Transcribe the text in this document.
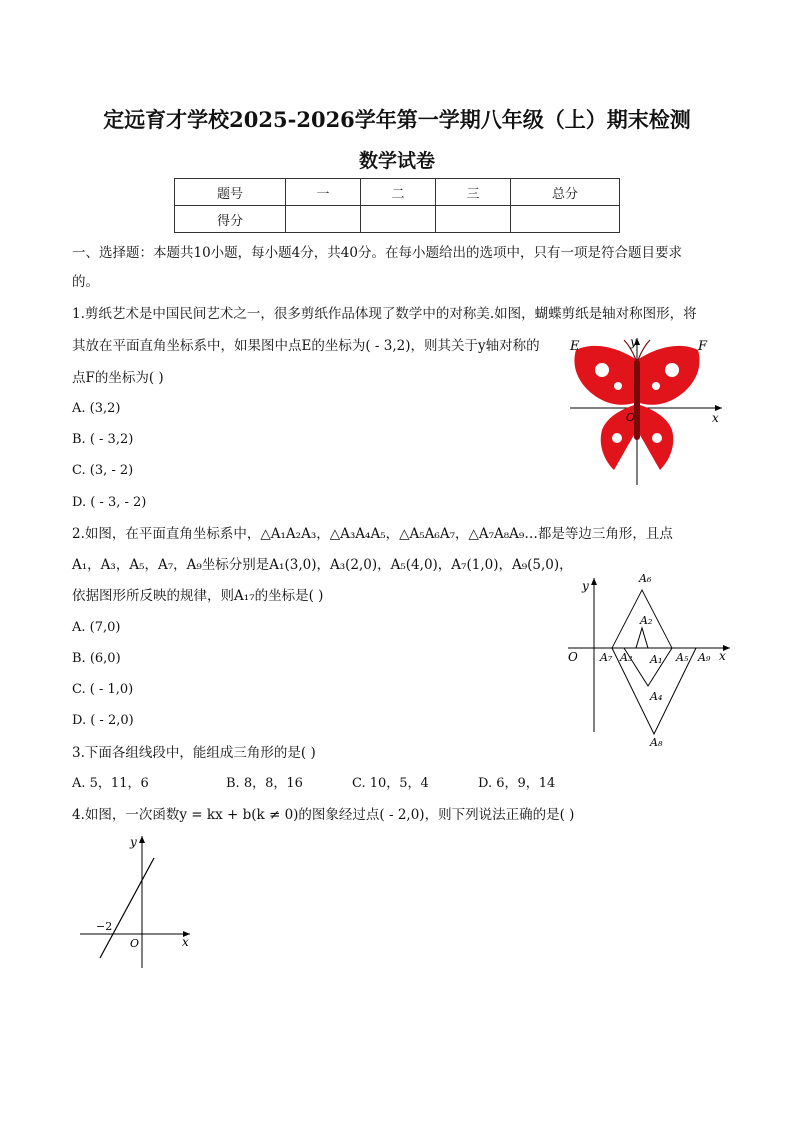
定远育才学校2025-2026学年第一学期八年级（上）期末检测
数学试卷
题号	一	二	三	总分
得分				
一、选择题：本题共10小题，每小题4分，共40分。在每小题给出的选项中，只有一项是符合题目要求
的。
1.剪纸艺术是中国民间艺术之一，很多剪纸作品体现了数学中的对称美.如图，蝴蝶剪纸是轴对称图形，将
其放在平面直角坐标系中，如果图中点E的坐标为( - 3,2)，则其关于y轴对称的
点F的坐标为( )
A. (3,2)
B. ( - 3,2)
C. (3, - 2)
D. ( - 3, - 2)
E	F
y
x
O
2.如图，在平面直角坐标系中，△A₁A₂A₃，△A₃A₄A₅，△A₅A₆A₇，△A₇A₈A₉…都是等边三角形，且点
A₁，A₃，A₅，A₇，A₉坐标分别是A₁(3,0)，A₃(2,0)，A₅(4,0)，A₇(1,0)，A₉(5,0)，
依据图形所反映的规律，则A₁₇的坐标是( )
A. (7,0)
B. (6,0)
C. ( - 1,0)
D. ( - 2,0)
O
y
x
A₆
A₂
A₇ A₃ A₁ A₅ A₉
A₄
A₈
3.下面各组线段中，能组成三角形的是( )
A. 5，11，6	B. 8，8，16	C. 10，5，4	D. 6，9，14
4.如图，一次函数y = kx + b(k ≠ 0)的图象经过点( - 2,0)，则下列说法正确的是( )
y
x
O
−2
